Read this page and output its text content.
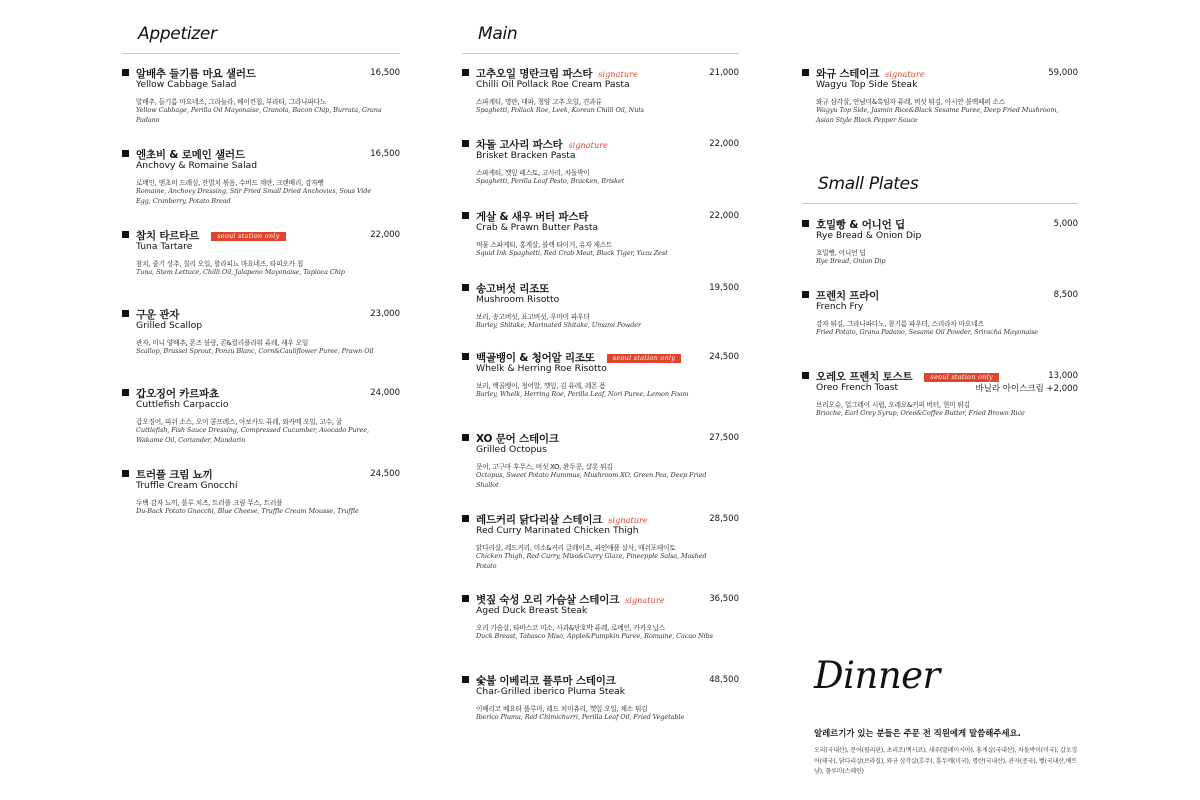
Appetizer
알배추 들기름 마요 샐러드
Yellow Cabbage Salad
16,500
알배추, 들기름 마요네즈, 그라놀라, 베이컨칩, 부라타, 그라나파다노
Yellow Cabbage, Perilla Oil Mayonaise, Granola, Bacon Chip, Burrata, Grana Padano
엔초비 & 로메인 샐러드
Anchovy & Romaine Salad
16,500
로메인, 엔초비 드레싱, 잔멸치 볶음, 수비드 계란, 크랜베리, 감자빵
Romaine, Anchovy Dressing, Stir Fried Small Dried Anchovies, Sous Vide Egg, Cranberry, Potato Bread
참치 타르타르	seoul station only
Tuna Tartare
22,000
참치, 줄기 상추, 칠리 오일, 할라피뇨 마요네즈, 타피오카 칩
Tuna, Stem Lettuce, Chilli Oil, Jalapeno Mayonaise, Tapioca Chip
구운 관자
Grilled Scallop
23,000
관자, 미니 양배추, 폰즈 블랑, 콘&컬리플라워 퓨레, 새우 오일
Scallop, Brussel Sprout, Ponzu Blanc, Corn&Cauliflower Puree, Prawn Oil
갑오징어 카르파쵸
Cuttlefish Carpaccio
24,000
갑오징어, 피쉬 소스, 오이 콤프레스, 아보카도 퓨레, 와카메 오일, 고수, 귤
Cuttlefish, Fish Sauce Dressing, Compressed Cucumber, Avocado Puree, Wakame Oil, Coriander, Mandarin
트러플 크림 뇨끼
Truffle Cream Gnocchi
24,500
두백 감자 뇨끼, 블루 치즈, 트러플 크림 무스, 트러플
Du-Back Potato Gnocchi, Blue Cheese, Truffle Cream Mousse, Truffle
Main
고추오일 명란크림 파스타 signature
Chilli Oil Pollack Roe Cream Pasta
21,000
스파게티, 명란, 대파, 청양 고추 오일, 견과류
Spaghetti, Pollack Roe, Leek, Korean Chilli Oil, Nuts
차돌 고사리 파스타 signature
Brisket Bracken Pasta
22,000
스파게티, 깻잎 페스토, 고사리, 차돌박이
Spaghetti, Perilla Leaf Pesto, Bracken, Brisket
게살 & 새우 버터 파스타
Crab & Prawn Butter Pasta
22,000
먹물 스파게티, 홍게살, 블랙 타이거, 유자 제스트
Squid Ink Spaghetti, Red Crab Meat, Black Tiger, Yuzu Zest
송고버섯 리조또
Mushroom Risotto
19,500
보리, 송고버섯, 표고버섯, 우마미 파우더
Barley, Shitake, Marinated Shitake, Umami Powder
백골뱅이 & 청어알 리조또	seoul station only
Whelk & Herring Roe Risotto
24,500
보리, 백골뱅이, 청어알, 깻잎, 김 퓨레, 레몬 폼
Barley, Whelk, Herring Roe, Perilla Leaf, Nori Puree, Lemon Foam
XO 문어 스테이크
Grilled Octopus
27,500
문어, 고구마 후무스, 버섯 XO, 완두콩, 샬롯 튀김
Octopus, Sweet Potato Hummus, Mushroom XO, Green Pea, Deep Fried Shallot
레드커리 닭다리살 스테이크 signature
Red Curry Marinated Chicken Thigh
28,500
닭다리살, 레드커리, 미소&커리 글레이즈, 파인애플 살사, 매쉬포테이토
Chicken Thigh, Red Curry, Miso&Curry Glaze, Pineepple Salsa, Mashed Potato
볏짚 숙성 오리 가슴살 스테이크 signature
Aged Duck Breast Steak
36,500
오리 가슴살, 타바스코 미소, 사과&단호박 퓨레, 로메인, 카카오닙스
Duck Breast, Tabasco Miso, Apple&Pumpkin Puree, Romaine, Cacao Nibs
숯불 이베리코 플루마 스테이크
Char-Grilled iberico Pluma Steak
48,500
이베리코 베요타 플루마, 레드 치미츄리, 깻잎 오일, 채소 튀김
Iberico Pluma, Red Chimichurri, Perilla Leaf Oil, Fried Vegetable
와규 스테이크 signature
Wagyu Top Side Steak
59,000
와규 삼각살, 안남미&흑임자 퓨레, 버섯 튀김, 아시안 블랙페퍼 소스
Wagyu Top Side, Jasmin Rice&Black Sesame Puree, Deep Fried Mushroom, Asian Style Black Pepper Sauce
Small Plates
호밀빵 & 어니언 딥
Rye Bread & Onion Dip
5,000
호밀빵, 어니언 딥
Rye Bread, Onion Dip
프렌치 프라이
French Fry
8,500
감자 튀김, 그라나파다노, 참기름 파우더, 스리라차 마요네즈
Fried Potato, Grana Padano, Sesame Oil Powder, Sriracha Mayonaise
오레오 프렌치 토스트	seoul station only
Oreo French Toast
13,000
바닐라 아이스크림 +2,000
브리오슈, 얼그레이 시럽, 오레오&커피 버터, 현미 튀김
Brioche, Earl Grey Syrup, Oreo&Coffee Butter, Fried Brown Rice
Dinner
알레르기가 있는 분들은 주문 전 직원에게 말씀해주세요.
오리(국내산), 문어(필리핀), 초리조(멕시코), 새우(말레이시아), 홍게살(국내산), 차돌박이(미국), 갑오징어(태국), 닭다리살(브라질), 와규 삼각살(호주), 흥두깨(미국), 명란(국내산), 관자(중국), 뻘(국내산,베트남), 플루마(스페인)
